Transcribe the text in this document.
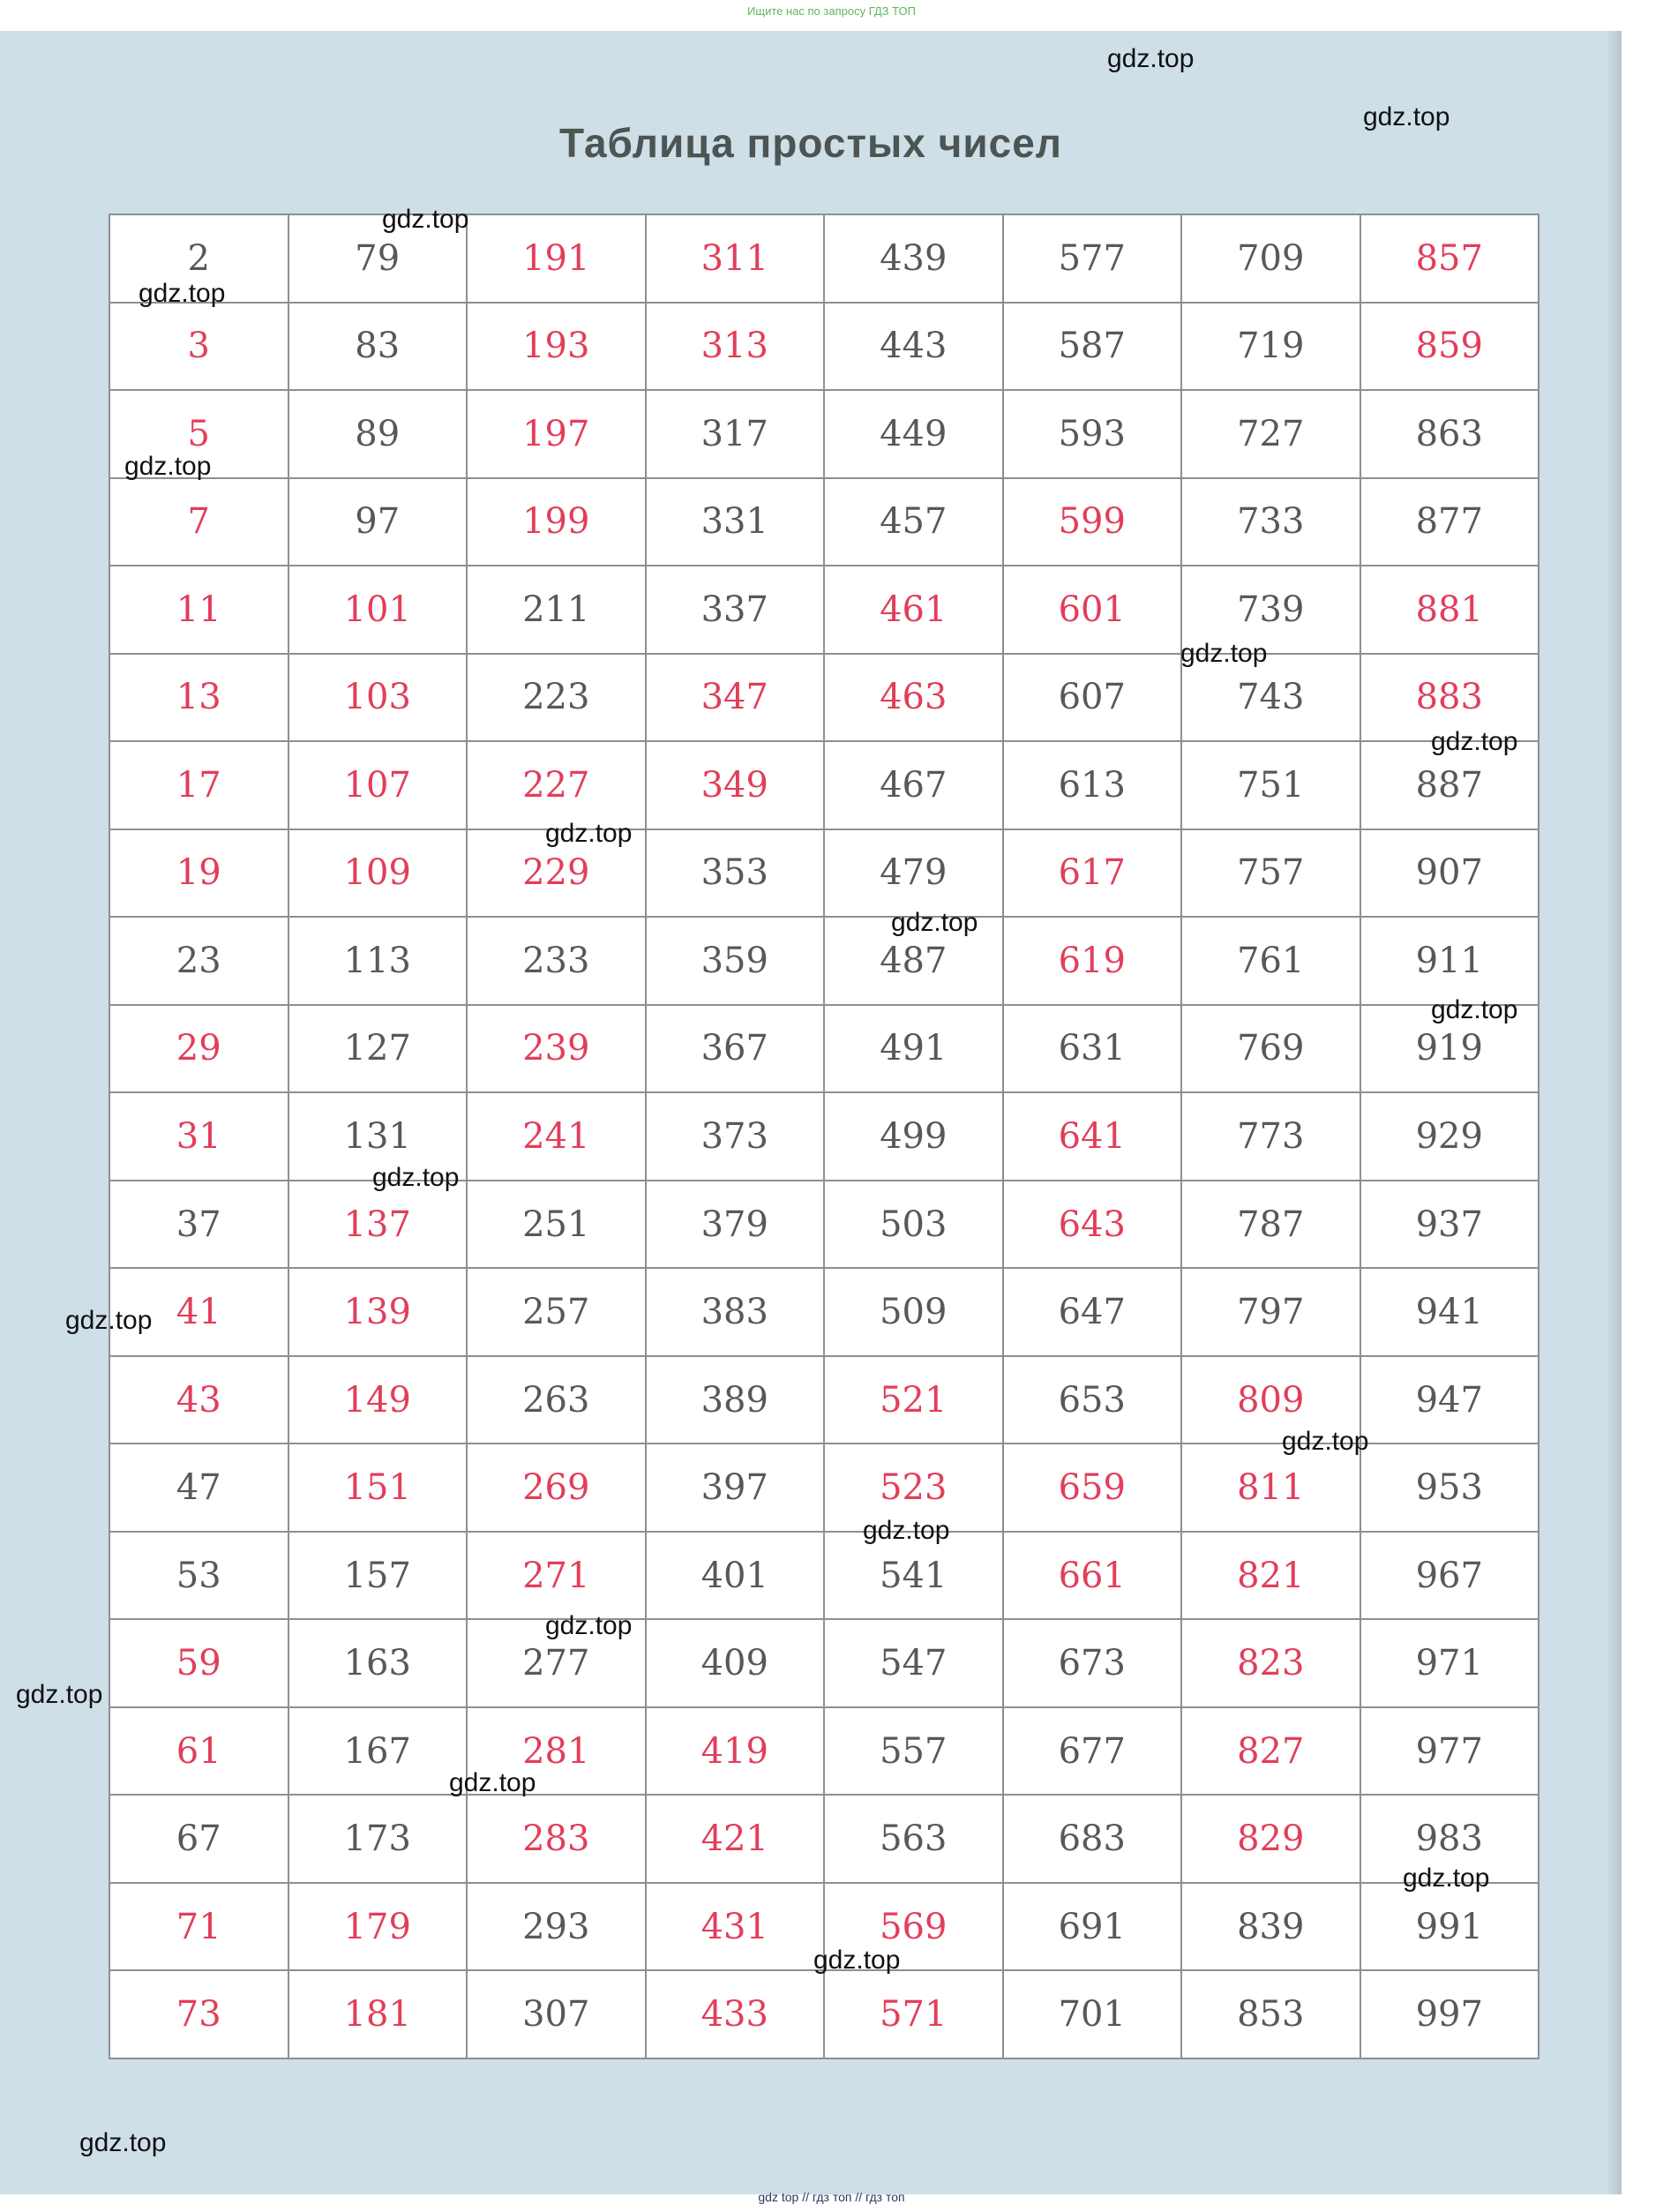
Ищите нас по запросу ГДЗ ТОП
Таблица простых чисел
2
3
5
7
11
13
17
19
23
29
31
37
41
43
47
53
59
61
67
71
73
79
83
89
97
101
103
107
109
113
127
131
137
139
149
151
157
163
167
173
179
181
191
193
197
199
211
223
227
229
233
239
241
251
257
263
269
271
277
281
283
293
307
311
313
317
331
337
347
349
353
359
367
373
379
383
389
397
401
409
419
421
431
433
439
443
449
457
461
463
467
479
487
491
499
503
509
521
523
541
547
557
563
569
571
577
587
593
599
601
607
613
617
619
631
641
643
647
653
659
661
673
677
683
691
701
709
719
727
733
739
743
751
757
761
769
773
787
797
809
811
821
823
827
829
839
853
857
859
863
877
881
883
887
907
911
919
929
937
941
947
953
967
971
977
983
991
997
gdz.top
gdz.top
gdz.top
gdz.top
gdz.top
gdz.top
gdz.top
gdz.top
gdz.top
gdz.top
gdz.top
gdz.top
gdz.top
gdz.top
gdz.top
gdz.top
gdz.top
gdz.top
gdz.top
gdz.top
gdz top // гдз топ // гдз топ
